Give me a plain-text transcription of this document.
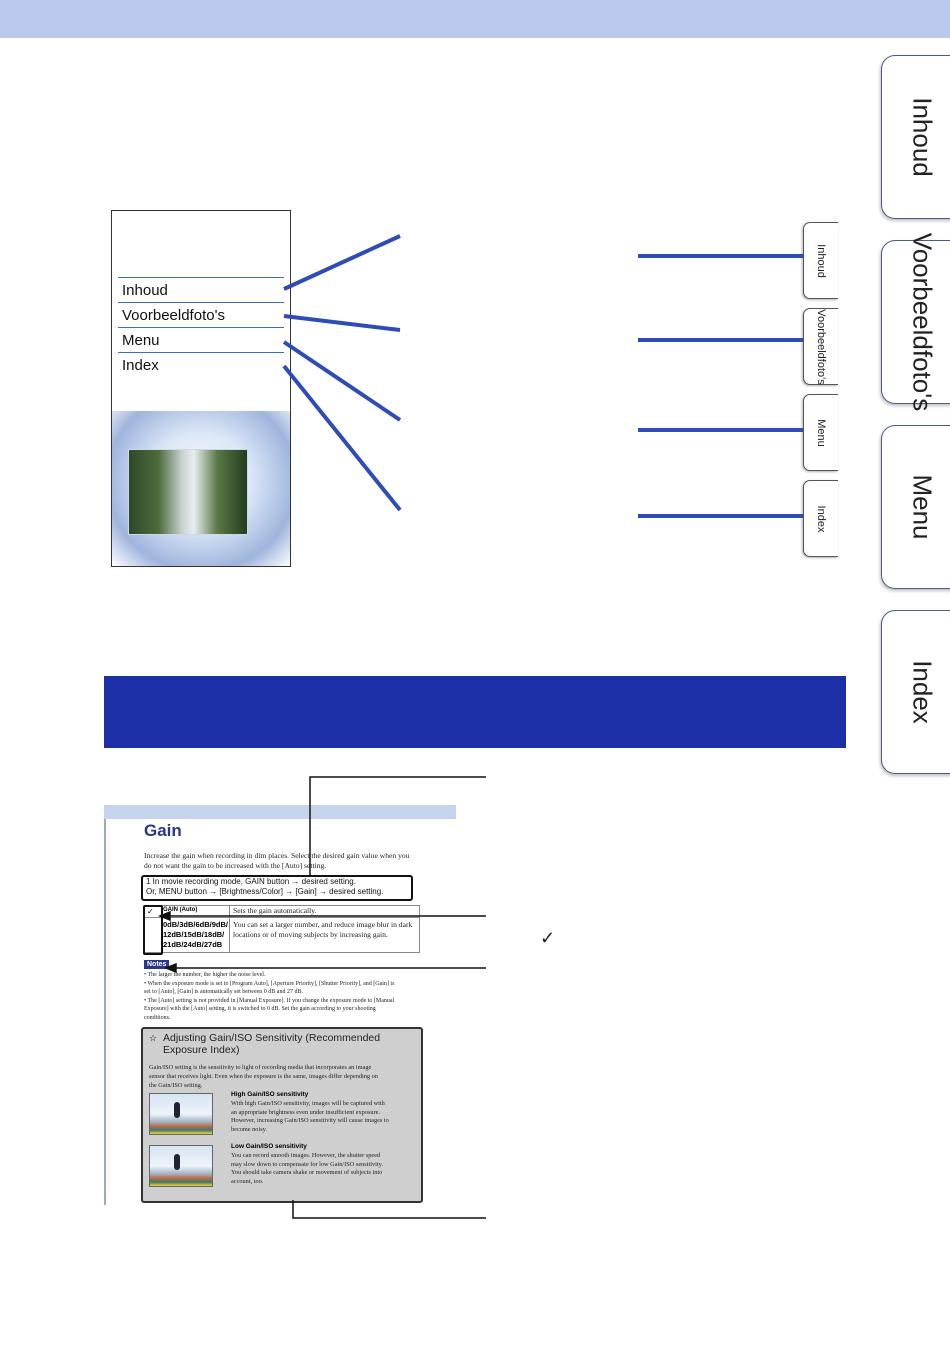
Inhoud
Voorbeeldfoto's
Menu
Index
Inhoud
Voorbeeldfoto's
Menu
Index
Inhoud
Voorbeeldfoto's
Menu
Index
Gain
Increase the gain when recording in dim places. Select the desired gain value when you
do not want the gain to be increased with the [Auto] setting.
1 In movie recording mode, GAIN button → desired setting.
Or, MENU button → [Brightness/Color] → [Gain] → desired setting.
GAIN (Auto)	Sets the gain automatically.
0dB/3dB/6dB/9dB/
12dB/15dB/18dB/
21dB/24dB/27dB
You can set a larger number, and reduce image blur in dark
locations or of moving subjects by increasing gain.
✓
Notes
• The larger the number, the higher the noise level.
• When the exposure mode is set to [Program Auto], [Aperture Priority], [Shutter Priority], and [Gain] is
set to [Auto], [Gain] is automatically set between 0 dB and 27 dB.
• The [Auto] setting is not provided in [Manual Exposure]. If you change the exposure mode to [Manual
Exposure] with the [Auto] setting, it is switched to 0 dB. Set the gain according to your shooting
conditions.
☆ Adjusting Gain/ISO Sensitivity (Recommended
Exposure Index)
Gain/ISO setting is the sensitivity to light of recording media that incorporates an image
sensor that receives light. Even when the exposure is the same, images differ depending on
the Gain/ISO setting.
High Gain/ISO sensitivity
With high Gain/ISO sensitivity, images will be captured with
an appropriate brightness even under insufficient exposure.
However, increasing Gain/ISO sensitivity will cause images to
become noisy.
Low Gain/ISO sensitivity
You can record smooth images. However, the shutter speed
may slow down to compensate for low Gain/ISO sensitivity.
You should take camera shake or movement of subjects into
account, too.
✓
